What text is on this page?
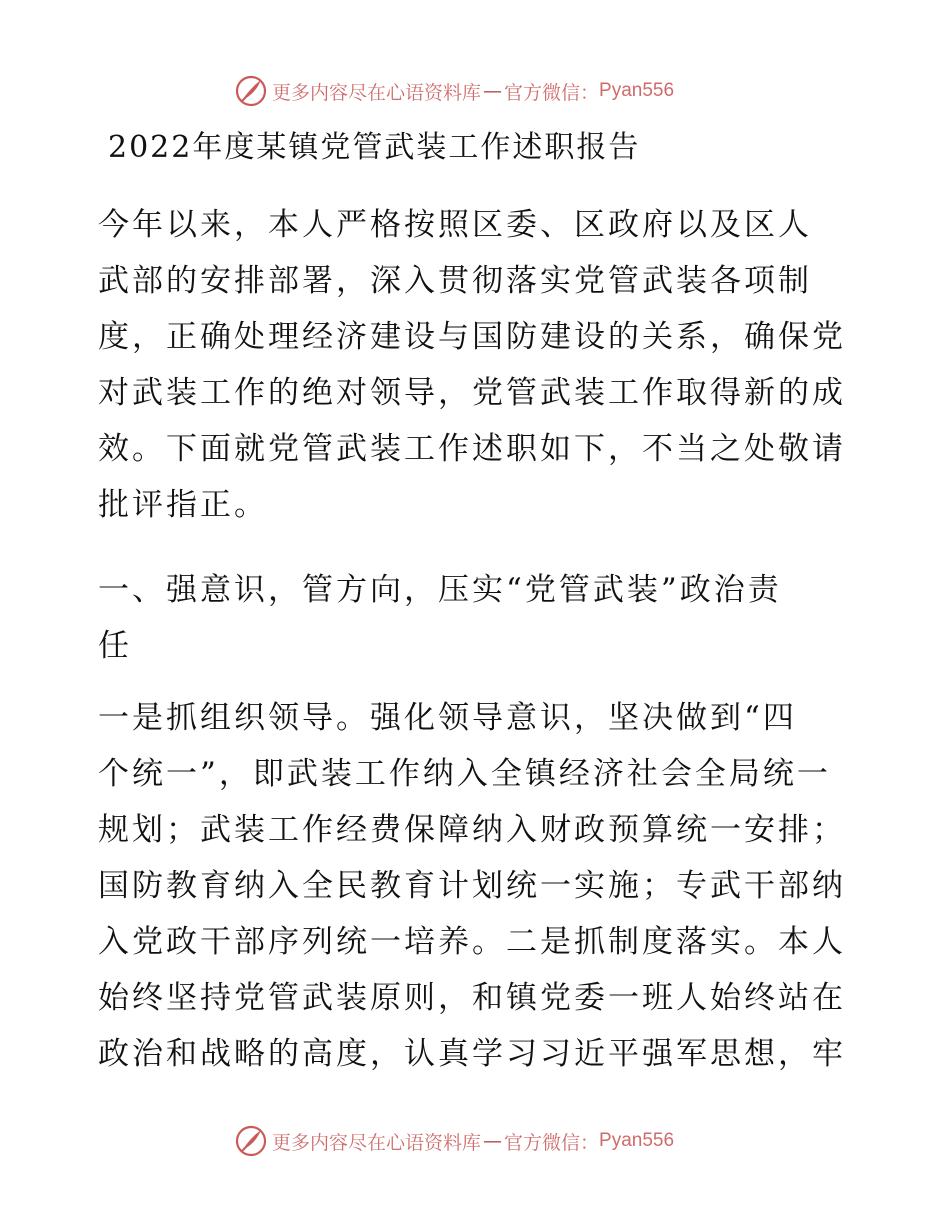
更多内容尽在心语资料库 — 官方微信： Pyan556
2022年度某镇党管武装工作述职报告
今年以来，本人严格按照区委、区政府以及区人
武部的安排部署，深入贯彻落实党管武装各项制
度，正确处理经济建设与国防建设的关系，确保党
对武装工作的绝对领导，党管武装工作取得新的成
效。下面就党管武装工作述职如下，不当之处敬请
批评指正。
一、强意识，管方向，压实“党管武装”政治责
任
一是抓组织领导。强化领导意识，坚决做到“四
个统一”，即武装工作纳入全镇经济社会全局统一
规划；武装工作经费保障纳入财政预算统一安排；
国防教育纳入全民教育计划统一实施；专武干部纳
入党政干部序列统一培养。二是抓制度落实。本人
始终坚持党管武装原则，和镇党委一班人始终站在
政治和战略的高度，认真学习习近平强军思想，牢
更多内容尽在心语资料库 — 官方微信： Pyan556
